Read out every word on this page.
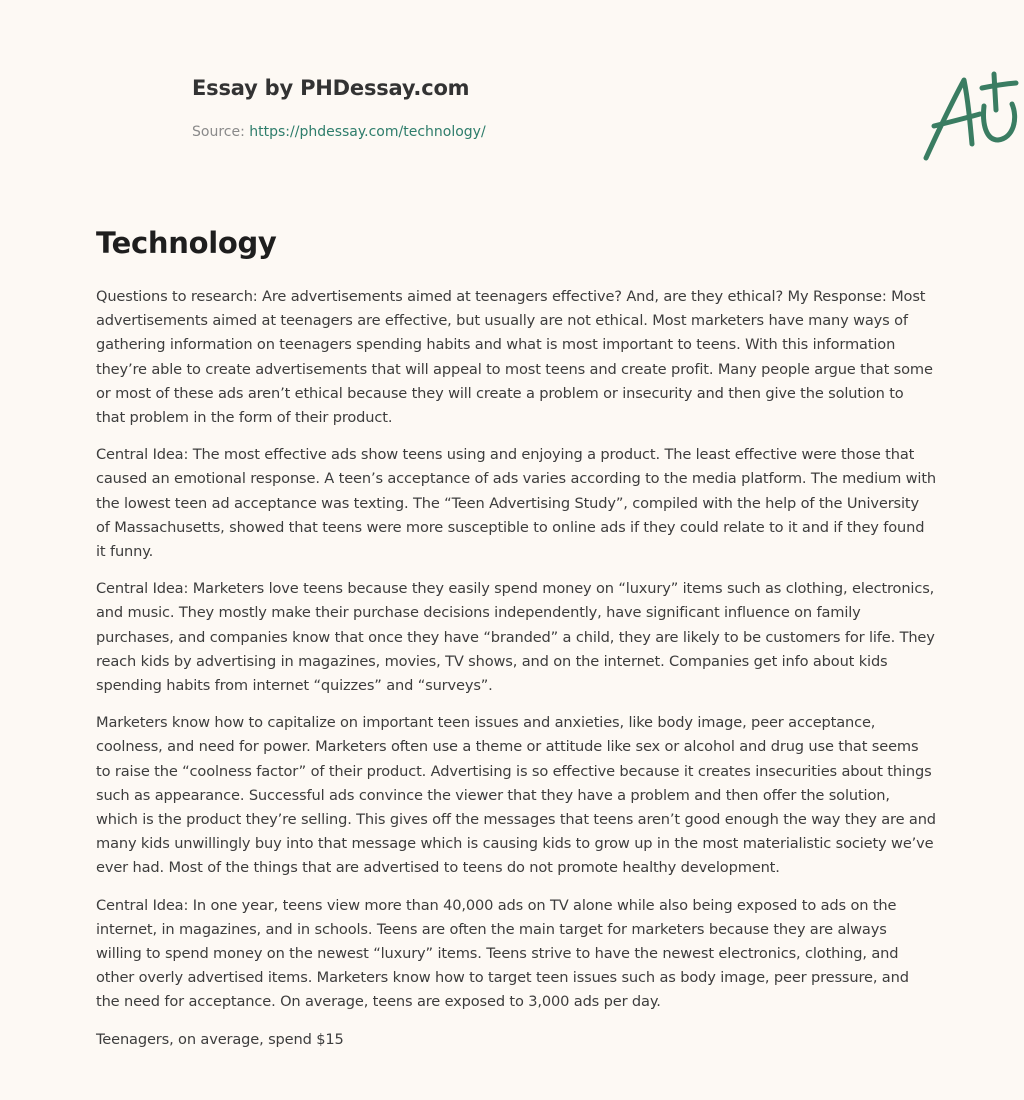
Essay by PHDessay.com
Source: https://phdessay.com/technology/
Technology

Questions to research: Are advertisements aimed at teenagers effective? And, are they ethical? My Response: Most advertisements aimed at teenagers are effective, but usually are not ethical. Most marketers have many ways of gathering information on teenagers spending habits and what is most important to teens. With this information they’re able to create advertisements that will appeal to most teens and create profit. Many people argue that some or most of these ads aren’t ethical because they will create a problem or insecurity and then give the solution to that problem in the form of their product.

Central Idea: The most effective ads show teens using and enjoying a product. The least effective were those that caused an emotional response. A teen’s acceptance of ads varies according to the media platform. The medium with the lowest teen ad acceptance was texting. The “Teen Advertising Study”, compiled with the help of the University of Massachusetts, showed that teens were more susceptible to online ads if they could relate to it and if they found it funny.

Central Idea: Marketers love teens because they easily spend money on “luxury” items such as clothing, electronics, and music. They mostly make their purchase decisions independently, have significant influence on family purchases, and companies know that once they have “branded” a child, they are likely to be customers for life. They reach kids by advertising in magazines, movies, TV shows, and on the internet. Companies get info about kids spending habits from internet “quizzes” and “surveys”.

Marketers know how to capitalize on important teen issues and anxieties, like body image, peer acceptance, coolness, and need for power. Marketers often use a theme or attitude like sex or alcohol and drug use that seems to raise the “coolness factor” of their product. Advertising is so effective because it creates insecurities about things such as appearance. Successful ads convince the viewer that they have a problem and then offer the solution, which is the product they’re selling. This gives off the messages that teens aren’t good enough the way they are and many kids unwillingly buy into that message which is causing kids to grow up in the most materialistic society we’ve ever had. Most of the things that are advertised to teens do not promote healthy development.

Central Idea: In one year, teens view more than 40,000 ads on TV alone while also being exposed to ads on the internet, in magazines, and in schools. Teens are often the main target for marketers because they are always willing to spend money on the newest “luxury” items. Teens strive to have the newest electronics, clothing, and other overly advertised items. Marketers know how to target teen issues such as body image, peer pressure, and the need for acceptance. On average, teens are exposed to 3,000 ads per day.

Teenagers, on average, spend $15
